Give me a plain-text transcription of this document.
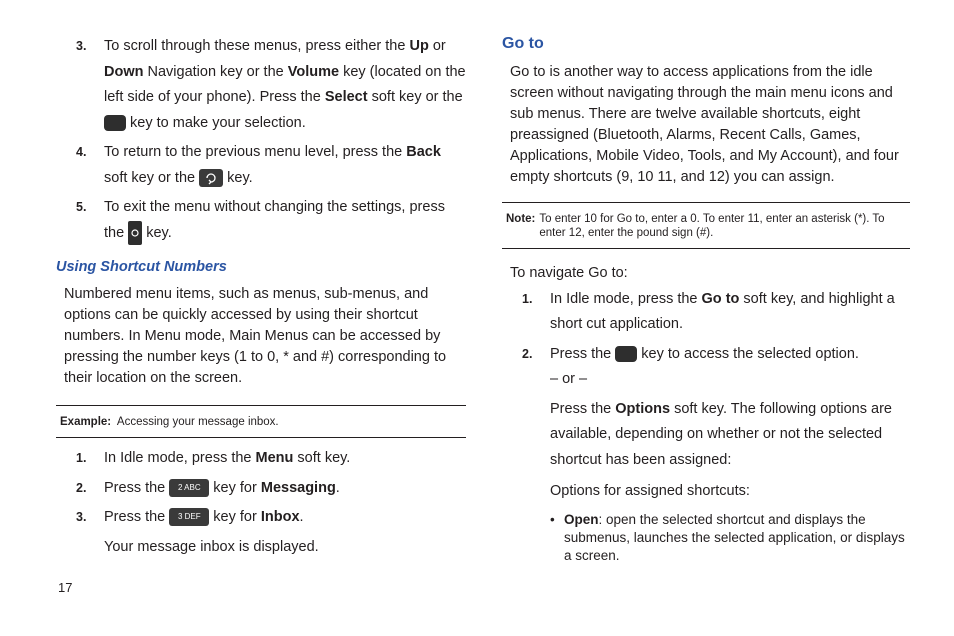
3. To scroll through these menus, press either the Up or Down Navigation key or the Volume key (located on the left side of your phone). Press the Select soft key or the  key to make your selection.
4. To return to the previous menu level, press the Back soft key or the  key.
5. To exit the menu without changing the settings, press the  key.
Using Shortcut Numbers
Numbered menu items, such as menus, sub-menus, and options can be quickly accessed by using their shortcut numbers. In Menu mode, Main Menus can be accessed by pressing the number keys (1 to 0, * and #) corresponding to their location on the screen.
Example: Accessing your message inbox.
1. In Idle mode, press the Menu soft key.
2. Press the 2 ABC key for Messaging.
3. Press the 3 DEF key for Inbox.
Your message inbox is displayed.
Go to
Go to is another way to access applications from the idle screen without navigating through the main menu icons and sub menus. There are twelve available shortcuts, eight preassigned (Bluetooth, Alarms, Recent Calls, Games, Applications, Mobile Video, Tools, and My Account), and four empty shortcuts (9, 10 11, and 12) you can assign.
Note: To enter 10 for Go to, enter a 0. To enter 11, enter an asterisk (*). To enter 12, enter the pound sign (#).
To navigate Go to:
1. In Idle mode, press the Go to soft key, and highlight a short cut application.
2. Press the  key to access the selected option.
– or –
Press the Options soft key. The following options are available, depending on whether or not the selected shortcut has been assigned:
Options for assigned shortcuts:
• Open: open the selected shortcut and displays the submenus, launches the selected application, or displays a screen.
17
